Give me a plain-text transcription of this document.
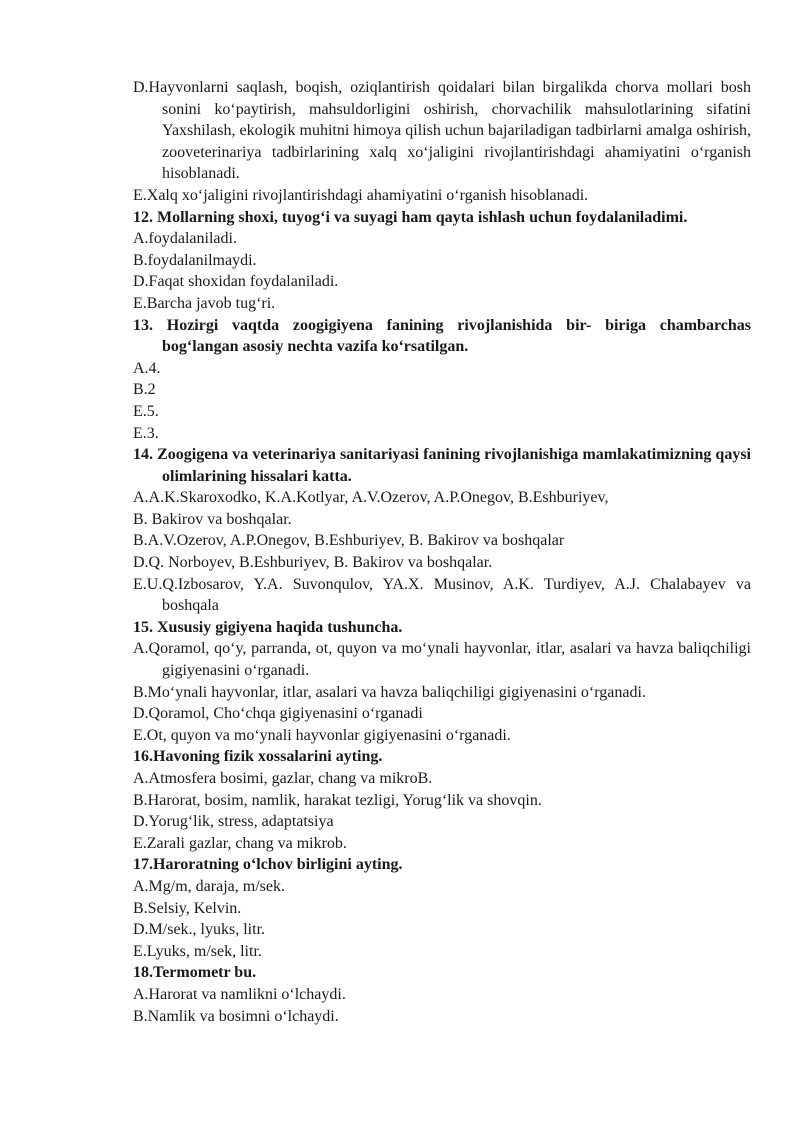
D.Hayvonlarni saqlash, boqish, oziqlantirish qoidalari bilan birgalikda chorva mollari bosh sonini ko‘paytirish, mahsuldorligini oshirish, chorvachilik mahsulotlarining sifatini Yaxshilash, ekologik muhitni himoya qilish uchun bajariladigan tadbirlarni amalga oshirish, zooveterinariya tadbirlarining xalq xo‘jaligini rivojlantirishdagi ahamiyatini o‘rganish hisoblanadi.
E.Xalq xo‘jaligini rivojlantirishdagi ahamiyatini o‘rganish hisoblanadi.
12. Mollarning shoxi, tuyog‘i va suyagi ham qayta ishlash uchun foydalaniladimi.
A.foydalaniladi.
B.foydalanilmaydi.
D.Faqat shoxidan foydalaniladi.
E.Barcha javob tug‘ri.
13. Hozirgi vaqtda zoogigiyena fanining rivojlanishida bir- biriga chambarchas bog‘langan asosiy nechta vazifa ko‘rsatilgan.
A.4.
B.2
E.5.
E.3.
14. Zoogigena va veterinariya sanitariyasi fanining rivojlanishiga mamlakatimizning qaysi olimlarining hissalari katta.
A.A.K.Skaroxodko, K.A.Kotlyar, A.V.Ozerov, A.P.Onegov, B.Eshburiyev,
B. Bakirov va boshqalar.
B.A.V.Ozerov, A.P.Onegov, B.Eshburiyev, B. Bakirov va boshqalar
D.Q. Norboyev, B.Eshburiyev, B. Bakirov va boshqalar.
E.U.Q.Izbosarov, Y.A. Suvonqulov, YA.X. Musinov, A.K. Turdiyev, A.J. Chalabayev va boshqala
15. Xususiy gigiyena haqida tushuncha.
A.Qoramol, qo‘y, parranda, ot, quyon va mo‘ynali hayvonlar, itlar, asalari va havza baliqchiligi gigiyenasini o‘rganadi.
B.Mo‘ynali hayvonlar, itlar, asalari va havza baliqchiligi gigiyenasini o‘rganadi.
D.Qoramol, Cho‘chqa gigiyenasini o‘rganadi
E.Ot, quyon va mo‘ynali hayvonlar gigiyenasini o‘rganadi.
16.Havoning fizik xossalarini ayting.
A.Atmosfera bosimi, gazlar, chang va mikroB.
B.Harorat, bosim, namlik, harakat tezligi, Yorug‘lik va shovqin.
D.Yorug‘lik, stress, adaptatsiya
E.Zarali gazlar, chang va mikrob.
17.Haroratning o‘lchov birligini ayting.
A.Mg/m, daraja, m/sek.
B.Selsiy, Kelvin.
D.M/sek., lyuks, litr.
E.Lyuks, m/sek, litr.
18.Termometr bu.
A.Harorat va namlikni o‘lchaydi.
B.Namlik va bosimni o‘lchaydi.
